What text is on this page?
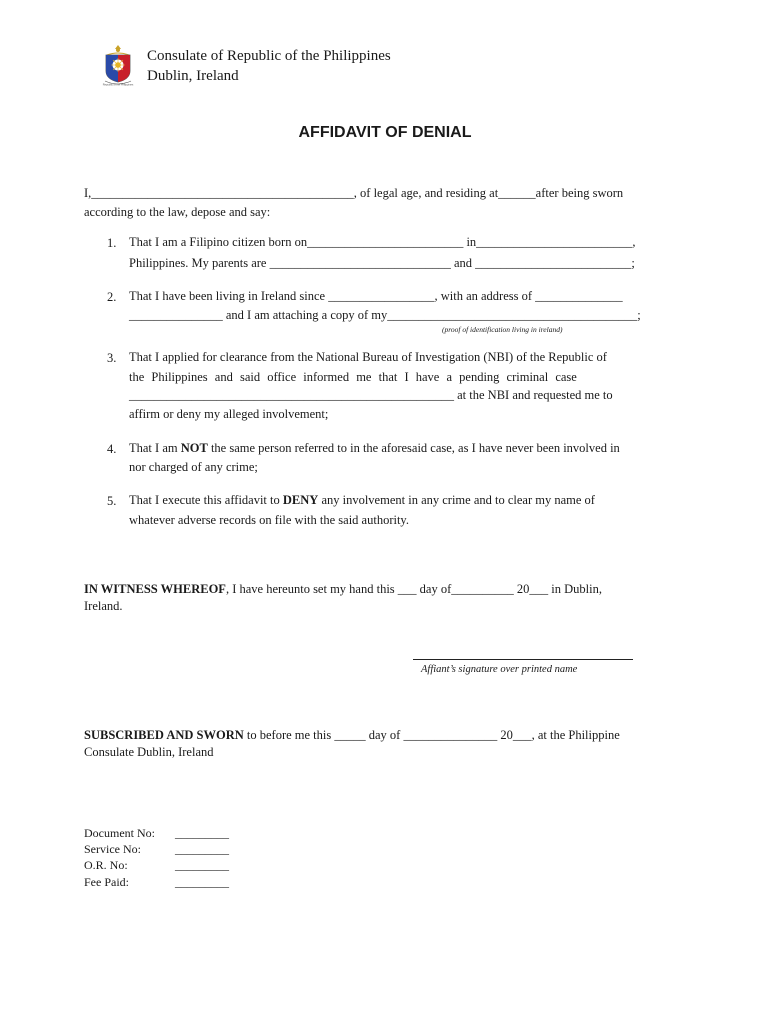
Republic of the Philippines
Consulate of Republic of the Philippines
Dublin, Ireland
AFFIDAVIT OF DENIAL
I,__________________________________________, of legal age, and residing at______after being sworn
according to the law, depose and say:
1. That I am a Filipino citizen born on_________________________ in_________________________,
Philippines. My parents are _____________________________ and _________________________;
2. That I have been living in Ireland since _________________, with an address of ______________
_______________ and I am attaching a copy of my________________________________________;
(proof of identification living in ireland)
3. That I applied for clearance from the National Bureau of Investigation (NBI) of the Republic of
the Philippines and said office informed me that I have a pending criminal case
____________________________________________________ at the NBI and requested me to
affirm or deny my alleged involvement;
4. That I am NOT the same person referred to in the aforesaid case, as I have never been involved in
nor charged of any crime;
5. That I execute this affidavit to DENY any involvement in any crime and to clear my name of
whatever adverse records on file with the said authority.
IN WITNESS WHEREOF, I have hereunto set my hand this ___ day of__________ 20___ in Dublin,
Ireland.
Affiant’s signature over printed name
SUBSCRIBED AND SWORN to before me this _____ day of _______________ 20___, at the Philippine
Consulate Dublin, Ireland
Document No: _________
Service No:	_________
O.R. No:	_________
Fee Paid:	_________
